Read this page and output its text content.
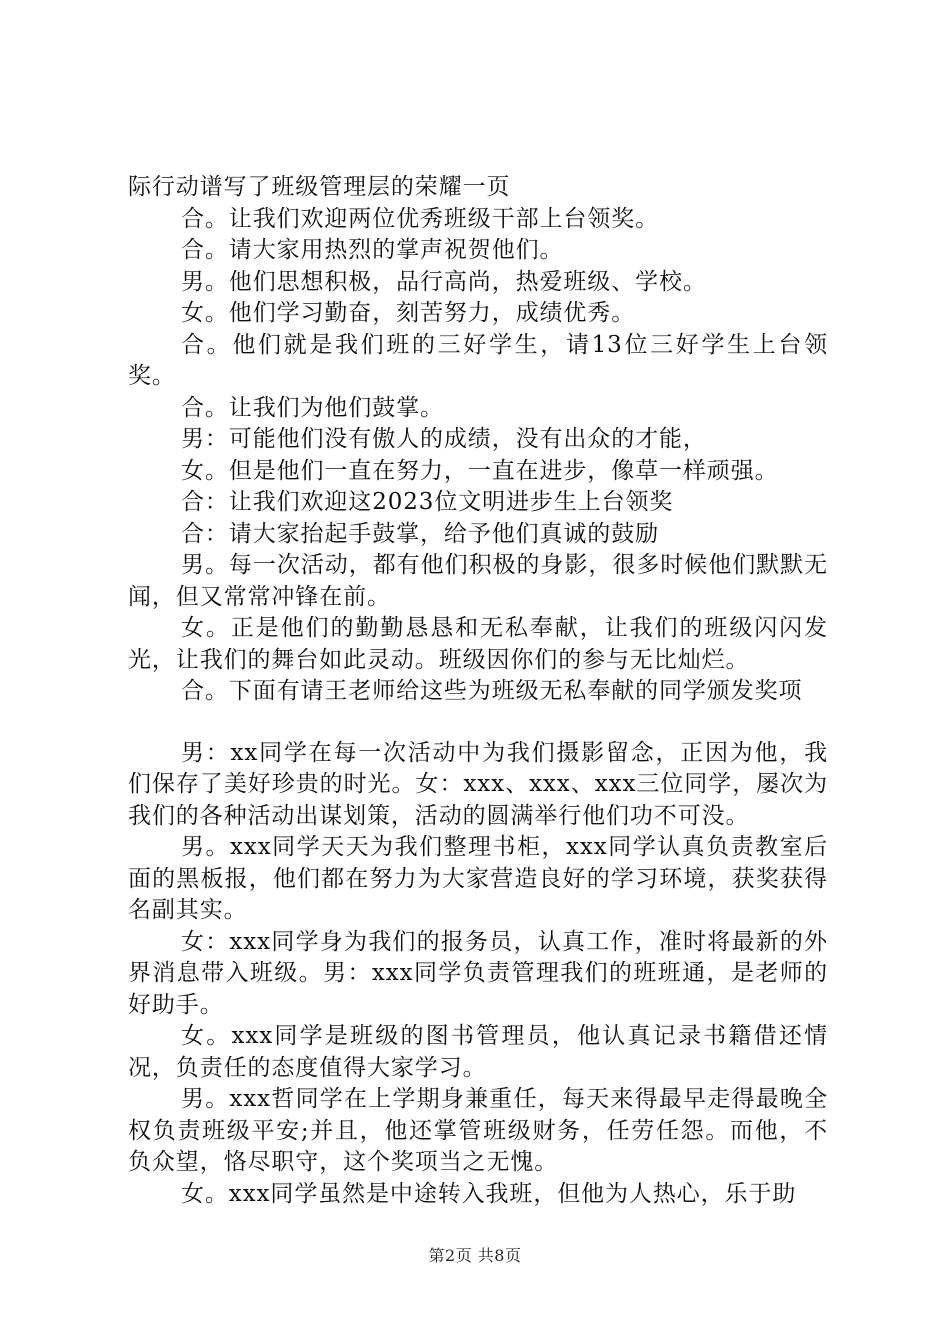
际行动谱写了班级管理层的荣耀一页

合。让我们欢迎两位优秀班级干部上台领奖。

合。请大家用热烈的掌声祝贺他们。

男。他们思想积极，品行高尚，热爱班级、学校。

女。他们学习勤奋，刻苦努力，成绩优秀。

合。他们就是我们班的三好学生，请13位三好学生上台领奖。

合。让我们为他们鼓掌。

男：可能他们没有傲人的成绩，没有出众的才能，

女。但是他们一直在努力，一直在进步，像草一样顽强。

合：让我们欢迎这2023位文明进步生上台领奖

合：请大家抬起手鼓掌，给予他们真诚的鼓励

男。每一次活动，都有他们积极的身影，很多时候他们默默无闻，但又常常冲锋在前。

女。正是他们的勤勤恳恳和无私奉献，让我们的班级闪闪发光，让我们的舞台如此灵动。班级因你们的参与无比灿烂。

合。下面有请王老师给这些为班级无私奉献的同学颁发奖项

男：xx同学在每一次活动中为我们摄影留念，正因为他，我们保存了美好珍贵的时光。女：xxx、xxx、xxx三位同学，屡次为我们的各种活动出谋划策，活动的圆满举行他们功不可没。

男。xxx同学天天为我们整理书柜，xxx同学认真负责教室后面的黑板报，他们都在努力为大家营造良好的学习环境，获奖获得名副其实。

女：xxx同学身为我们的报务员，认真工作，准时将最新的外界消息带入班级。男：xxx同学负责管理我们的班班通，是老师的好助手。

女。xxx同学是班级的图书管理员，他认真记录书籍借还情况，负责任的态度值得大家学习。

男。xxx哲同学在上学期身兼重任，每天来得最早走得最晚全权负责班级平安;并且，他还掌管班级财务，任劳任怨。而他，不负众望，恪尽职守，这个奖项当之无愧。

女。xxx同学虽然是中途转入我班，但他为人热心，乐于助

第2页 共8页
